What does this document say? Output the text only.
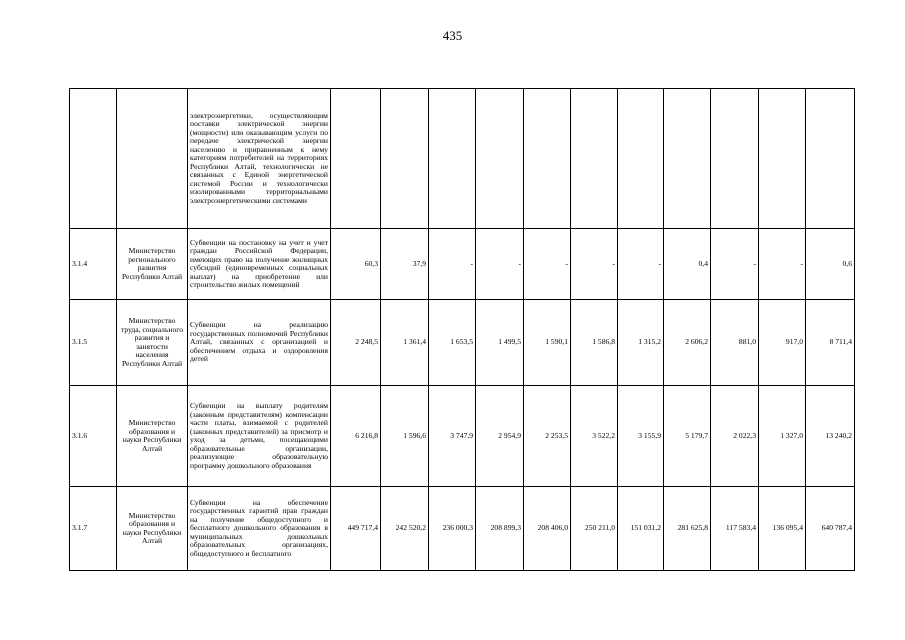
435
		электроэнергетики, осуществляющим поставки электрической энергии (мощности) или оказывающим услуги по передаче электрической энергии населению и приравненным к нему категориям потребителей на территориях Республики Алтай, технологически не связанных с Единой энергетической системой России и технологически изолированными территориальными электроэнергетическими системами											
3.1.4	Министерство регионального развития Республики Алтай	Субвенции на постановку на учет и учет граждан Российской Федерации, имеющих право на получение жилищных субсидий (единовременных социальных выплат) на приобретение или строительство жилых помещений	60,3	37,9	-	-	-	-	-	0,4	-	-	0,6
3.1.5	Министерство труда, социального развития и занятости населения Республики Алтай	Субвенции на реализацию государственных полномочий Республики Алтай, связанных с организацией и обеспечением отдыха и оздоровления детей	2 248,5	1 361,4	1 653,5	1 499,5	1 590,1	1 586,8	1 315,2	2 606,2	881,0	917,0	8 711,4
3.1.6	Министерство образования и науки Республики Алтай	Субвенции на выплату родителям (законным представителям) компенсации части платы, взимаемой с родителей (законных представителей) за присмотр и уход за детьми, посещающими образовательные организации, реализующие образовательную программу дошкольного образования	6 216,8	1 596,6	3 747,9	2 954,9	2 253,5	3 522,2	3 155,9	5 179,7	2 022,3	1 327,0	13 240,2
3.1.7	Министерство образования и науки Республики Алтай	Субвенции на обеспечение государственных гарантий прав граждан на получение общедоступного и бесплатного дошкольного образования в муниципальных дошкольных образовательных организациях, общедоступного и бесплатного	449 717,4	242 520,2	236 000,3	208 899,3	208 406,0	250 211,0	151 031,2	281 625,8	117 583,4	136 095,4	640 787,4
